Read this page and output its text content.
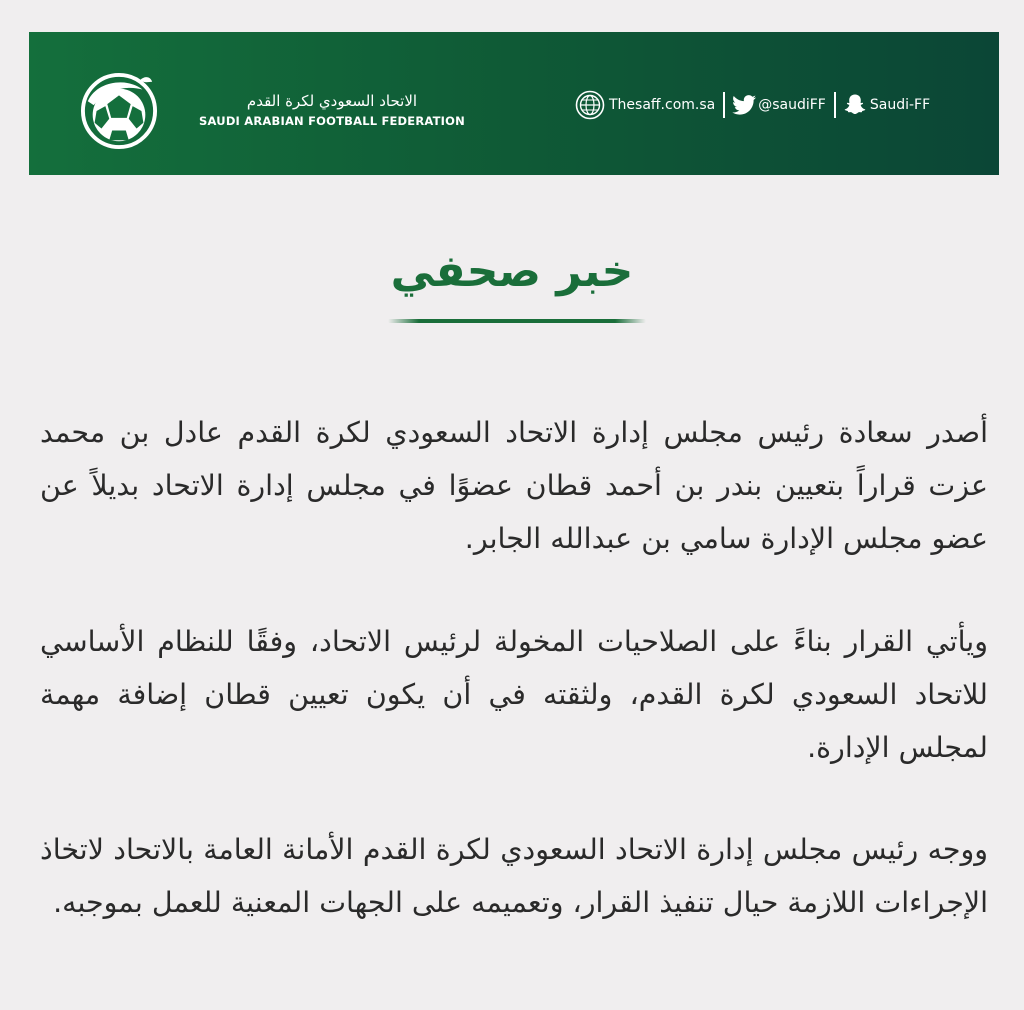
الاتحاد السعودي لكرة القدم
SAUDI ARABIAN FOOTBALL FEDERATION
Thesaff.com.sa	@saudiFF	Saudi-FF
خبر صحفي

أصدر سعادة رئيس مجلس إدارة الاتحاد السعودي لكرة القدم عادل بن محمد عزت قراراً بتعيين بندر بن أحمد قطان عضوًا في مجلس إدارة الاتحاد بديلاً عن عضو مجلس الإدارة سامي بن عبدالله الجابر.

ويأتي القرار بناءً على الصلاحيات المخولة لرئيس الاتحاد، وفقًا للنظام الأساسي للاتحاد السعودي لكرة القدم، ولثقته في أن يكون تعيين قطان إضافة مهمة لمجلس الإدارة.

ووجه رئيس مجلس إدارة الاتحاد السعودي لكرة القدم الأمانة العامة بالاتحاد لاتخاذ الإجراءات اللازمة حيال تنفيذ القرار، وتعميمه على الجهات المعنية للعمل بموجبه.
